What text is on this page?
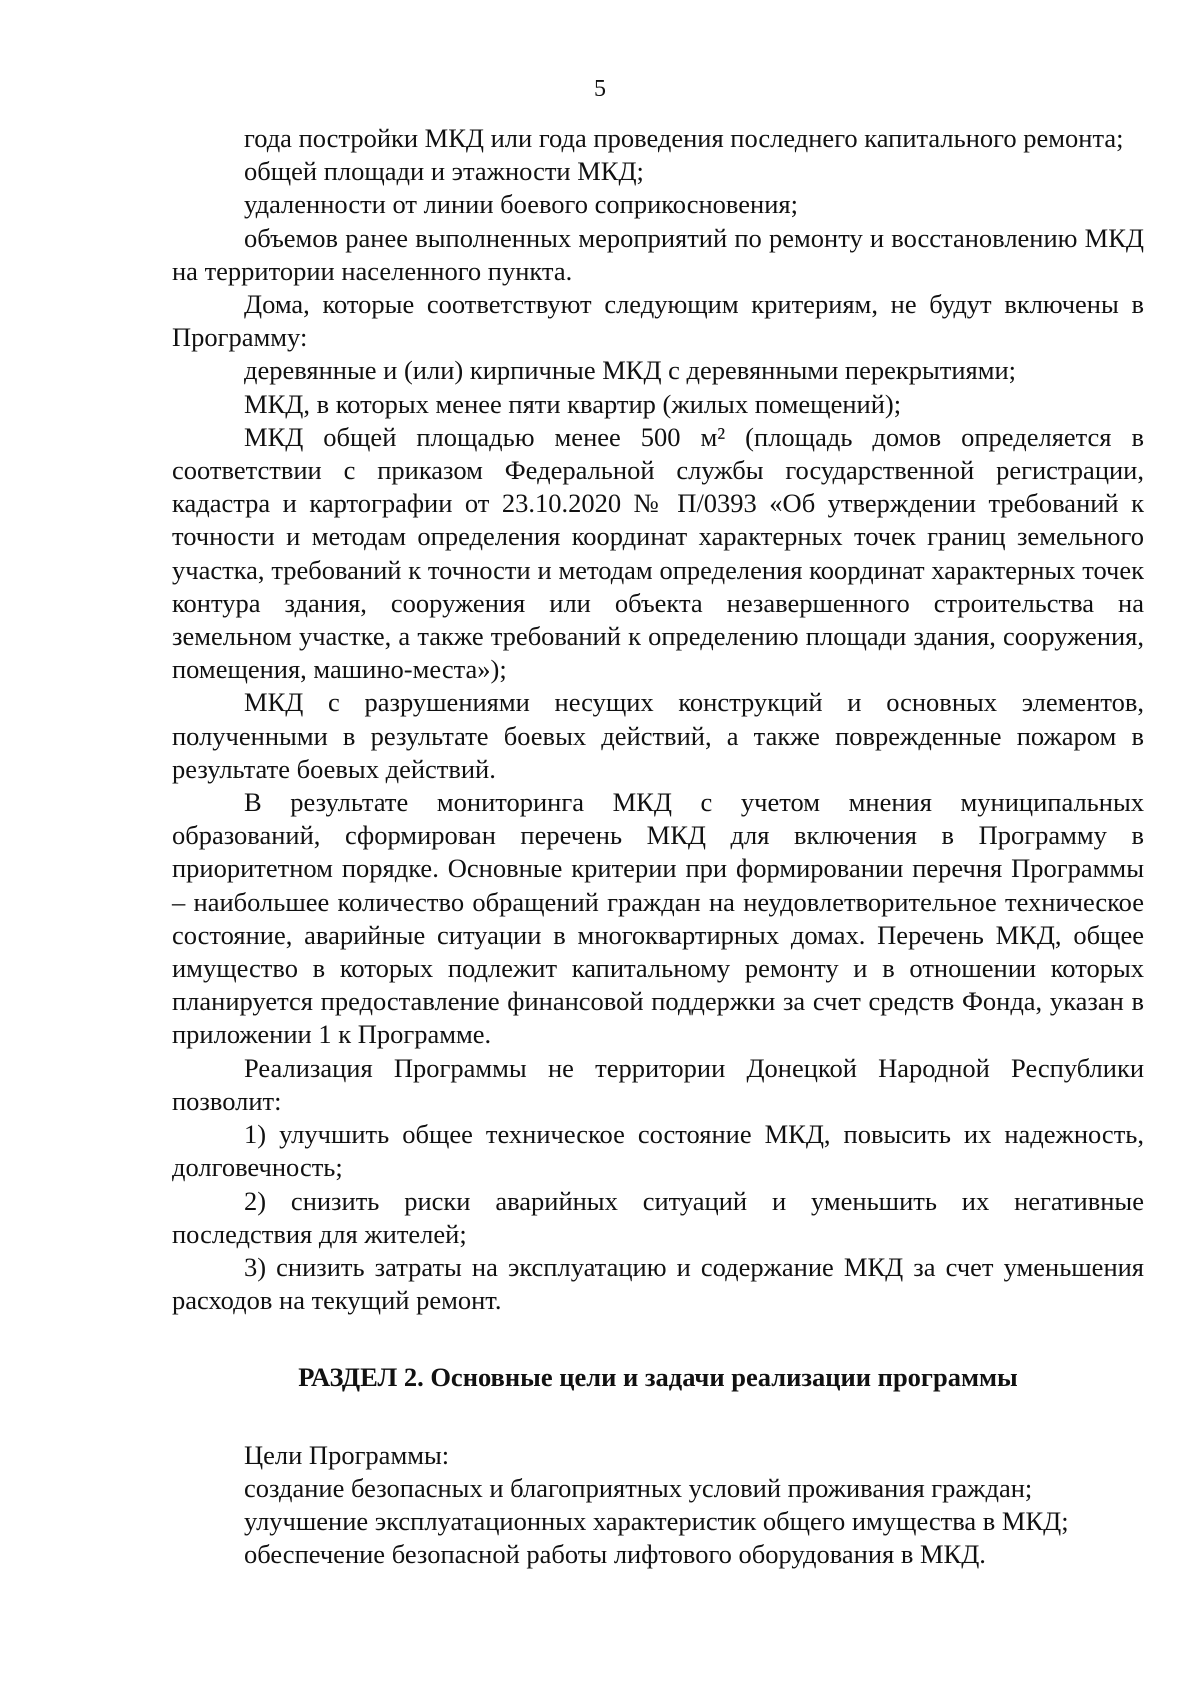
5

года постройки МКД или года проведения последнего капитального ремонта;

общей площади и этажности МКД;

удаленности от линии боевого соприкосновения;

объемов ранее выполненных мероприятий по ремонту и восстановлению МКД на территории населенного пункта.

Дома, которые соответствуют следующим критериям, не будут включены в Программу:

деревянные и (или) кирпичные МКД с деревянными перекрытиями;

МКД, в которых менее пяти квартир (жилых помещений);

МКД общей площадью менее 500 м² (площадь домов определяется в соответствии с приказом Федеральной службы государственной регистрации, кадастра и картографии от 23.10.2020 № П/0393 «Об утверждении требований к точности и методам определения координат характерных точек границ земельного участка, требований к точности и методам определения координат характерных точек контура здания, сооружения или объекта незавершенного строительства на земельном участке, а также требований к определению площади здания, сооружения, помещения, машино-места»);

МКД с разрушениями несущих конструкций и основных элементов, полученными в результате боевых действий, а также поврежденные пожаром в результате боевых действий.

В результате мониторинга МКД с учетом мнения муниципальных образований, сформирован перечень МКД для включения в Программу в приоритетном порядке. Основные критерии при формировании перечня Программы – наибольшее количество обращений граждан на неудовлетворительное техническое состояние, аварийные ситуации в многоквартирных домах. Перечень МКД, общее имущество в которых подлежит капитальному ремонту и в отношении которых планируется предоставление финансовой поддержки за счет средств Фонда, указан в приложении 1 к Программе.

Реализация Программы не территории Донецкой Народной Республики позволит:

1) улучшить общее техническое состояние МКД, повысить их надежность, долговечность;

2) снизить риски аварийных ситуаций и уменьшить их негативные последствия для жителей;

3) снизить затраты на эксплуатацию и содержание МКД за счет уменьшения расходов на текущий ремонт.

РАЗДЕЛ 2. Основные цели и задачи реализации программы

Цели Программы:

создание безопасных и благоприятных условий проживания граждан;

улучшение эксплуатационных характеристик общего имущества в МКД;

обеспечение безопасной работы лифтового оборудования в МКД.
